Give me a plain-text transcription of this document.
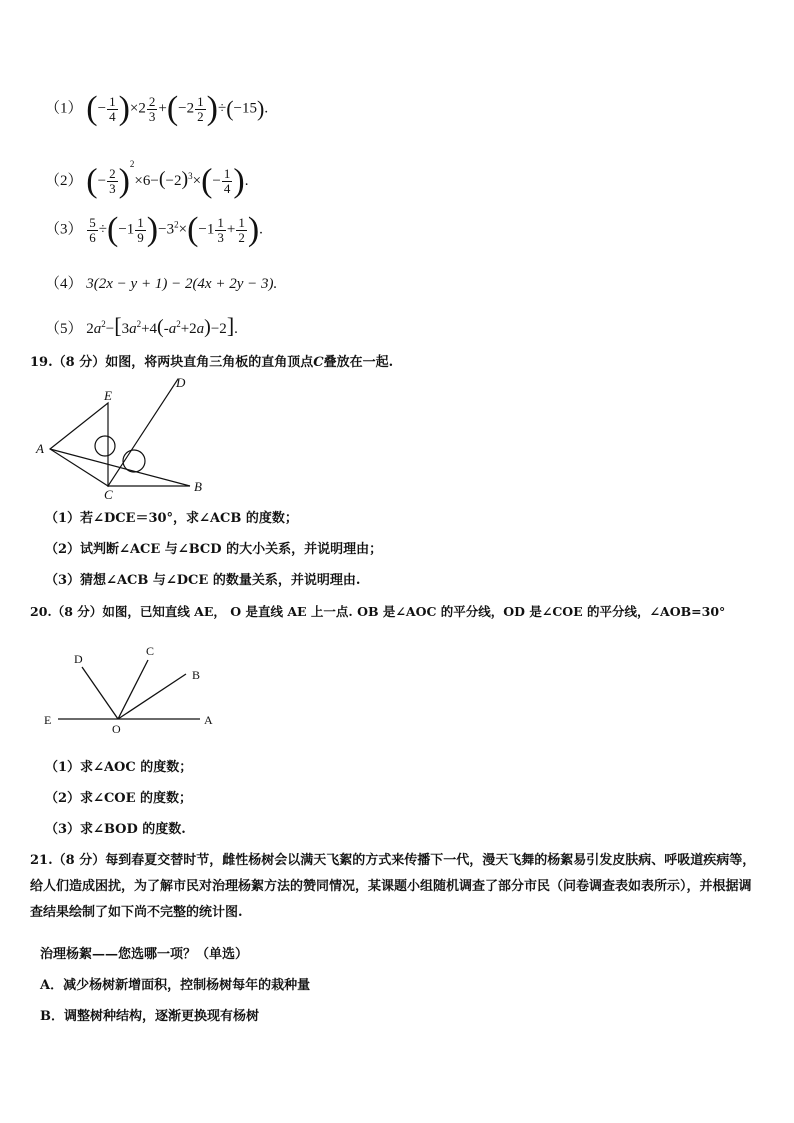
（1） (− $\frac{1}{4} )\times 2 \frac{2}{3} +(-2 \frac{1}{2} )\div(-15)$.
（2） (− $\frac{2}{3} )^2\times 6-(-2)^3\times(- \frac{1}{4}$ ).
$(3) \frac{5}{6} \div(-1 \frac{1}{9} )-3^2\times(-1 \frac{1}{3} + \frac{1}{2}$ ).
（4） 3(2x − y + 1) − 2(4x + 2y − 3).
（5） $2a^2-[3a^2+4(-a^2+2a)-2]$.
19.（8 分）如图，将两块直角三角板的直角顶点C叠放在一起.
A
E
D
C
B
（1）若∠DCE＝30°，求∠ACB 的度数；
（2）试判断∠ACE 与∠BCD 的大小关系，并说明理由；
（3）猜想∠ACB 与∠DCE 的数量关系，并说明理由.
20.（8 分）如图，已知直线 AE， O 是直线 AE 上一点. OB 是∠AOC 的平分线，OD 是∠COE 的平分线，∠AOB=30°
D
C
B
E
O
A
（1）求∠AOC 的度数；
（2）求∠COE 的度数；
（3）求∠BOD 的度数.
21.（8 分）每到春夏交替时节，雌性杨树会以满天飞絮的方式来传播下一代，漫天飞舞的杨絮易引发皮肤病、呼吸道疾病等，给人们造成困扰，为了解市民对治理杨絮方法的赞同情况，某课题小组随机调查了部分市民（问卷调查表如表所示），并根据调查结果绘制了如下尚不完整的统计图.
治理杨絮——您选哪一项？（单选）
A．减少杨树新增面积，控制杨树每年的栽种量
B．调整树种结构，逐渐更换现有杨树
